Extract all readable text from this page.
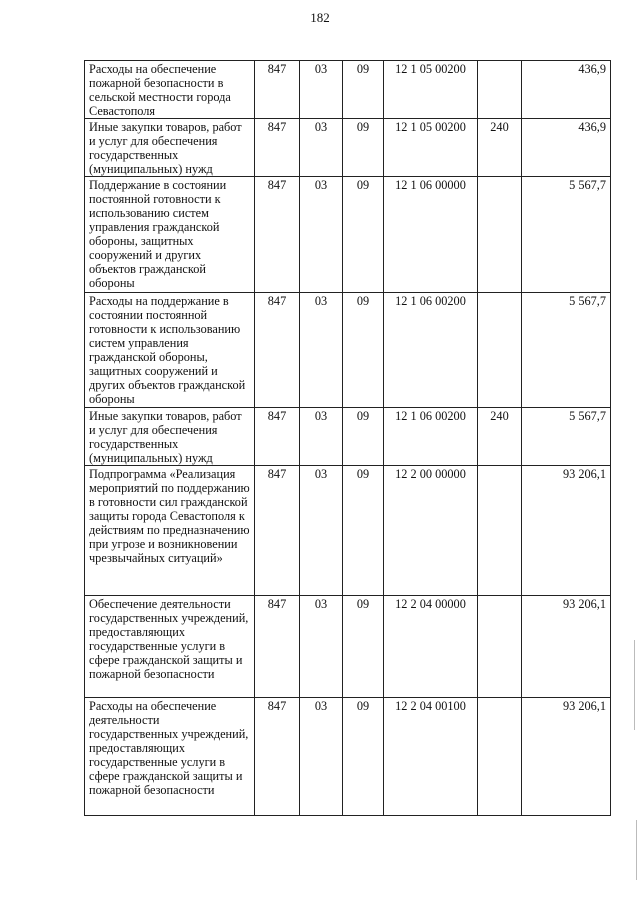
182
Расходы на обеспечение пожарной безопасности в сельской местности города Севастополя	847	03	09	12 1 05 00200		436,9
Иные закупки товаров, работ и услуг для обеспечения государственных (муниципальных) нужд	847	03	09	12 1 05 00200	240	436,9
Поддержание в состоянии постоянной готовности к использованию систем управления гражданской обороны, защитных сооружений и других объектов гражданской обороны	847	03	09	12 1 06 00000		5 567,7
Расходы на поддержание в состоянии постоянной готовности к использованию систем управления гражданской обороны, защитных сооружений и других объектов гражданской обороны	847	03	09	12 1 06 00200		5 567,7
Иные закупки товаров, работ и услуг для обеспечения государственных (муниципальных) нужд	847	03	09	12 1 06 00200	240	5 567,7
Подпрограмма «Реализация мероприятий по поддержанию в готовности сил гражданской защиты города Севастополя к действиям по предназначению при угрозе и возникновении чрезвычайных ситуаций»	847	03	09	12 2 00 00000		93 206,1
Обеспечение деятельности государственных учреждений, предоставляющих государственные услуги в сфере гражданской защиты и пожарной безопасности	847	03	09	12 2 04 00000		93 206,1
Расходы на обеспечение деятельности государственных учреждений, предоставляющих государственные услуги в сфере гражданской защиты и пожарной безопасности	847	03	09	12 2 04 00100		93 206,1
